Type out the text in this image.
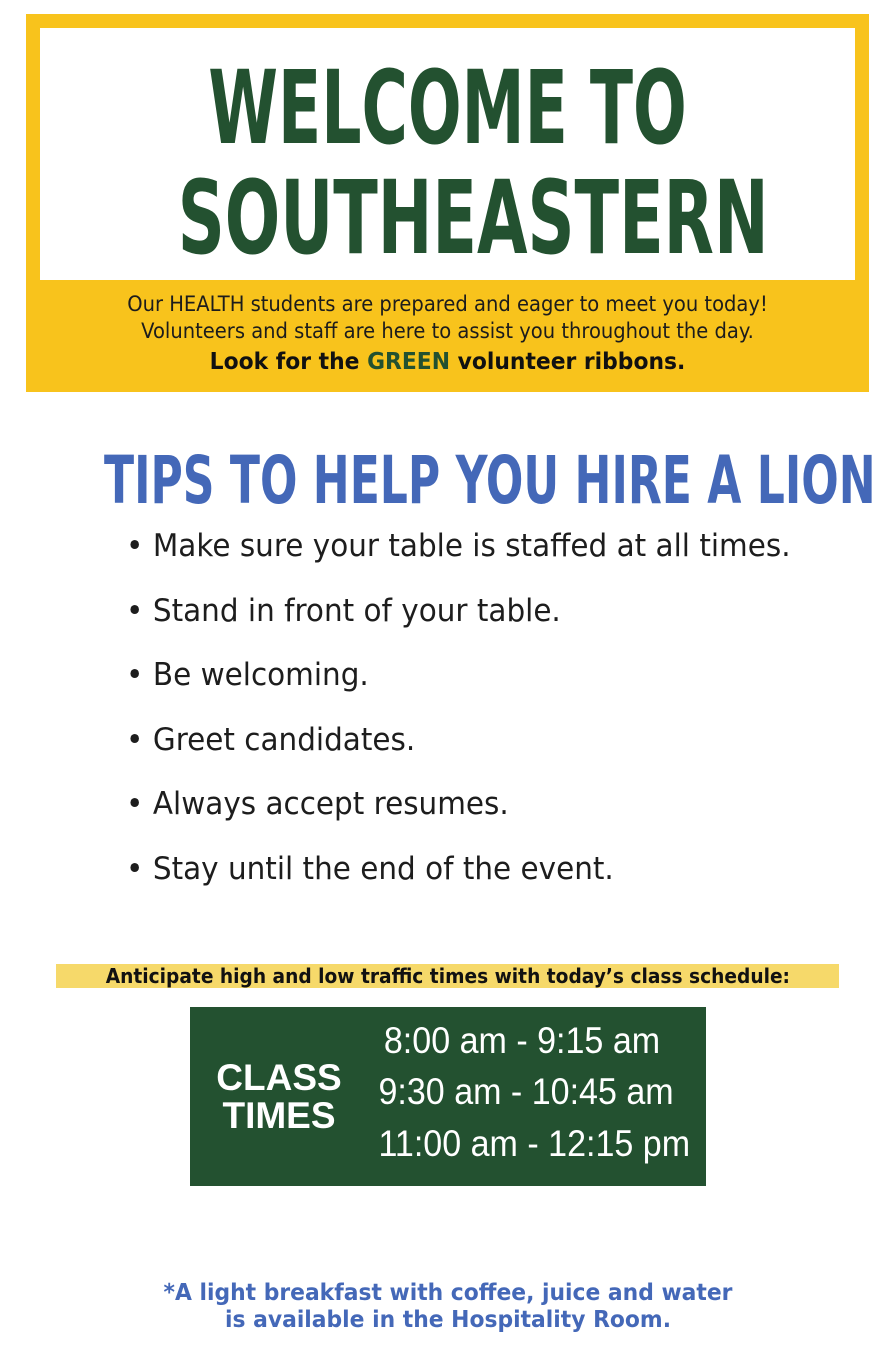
WELCOME TO
SOUTHEASTERN
Our HEALTH students are prepared and eager to meet you today!
Volunteers and staff are here to assist you throughout the day.
Look for the GREEN volunteer ribbons.
TIPS TO HELP YOU HIRE A LION
• Make sure your table is staffed at all times.
• Stand in front of your table.
• Be welcoming.
• Greet candidates.
• Always accept resumes.
• Stay until the end of the event.
Anticipate high and low traffic times with today’s class schedule:
CLASS
TIMES
8:00 am - 9:15 am
9:30 am - 10:45 am
11:00 am - 12:15 pm
*A light breakfast with coffee, juice and water
is available in the Hospitality Room.
